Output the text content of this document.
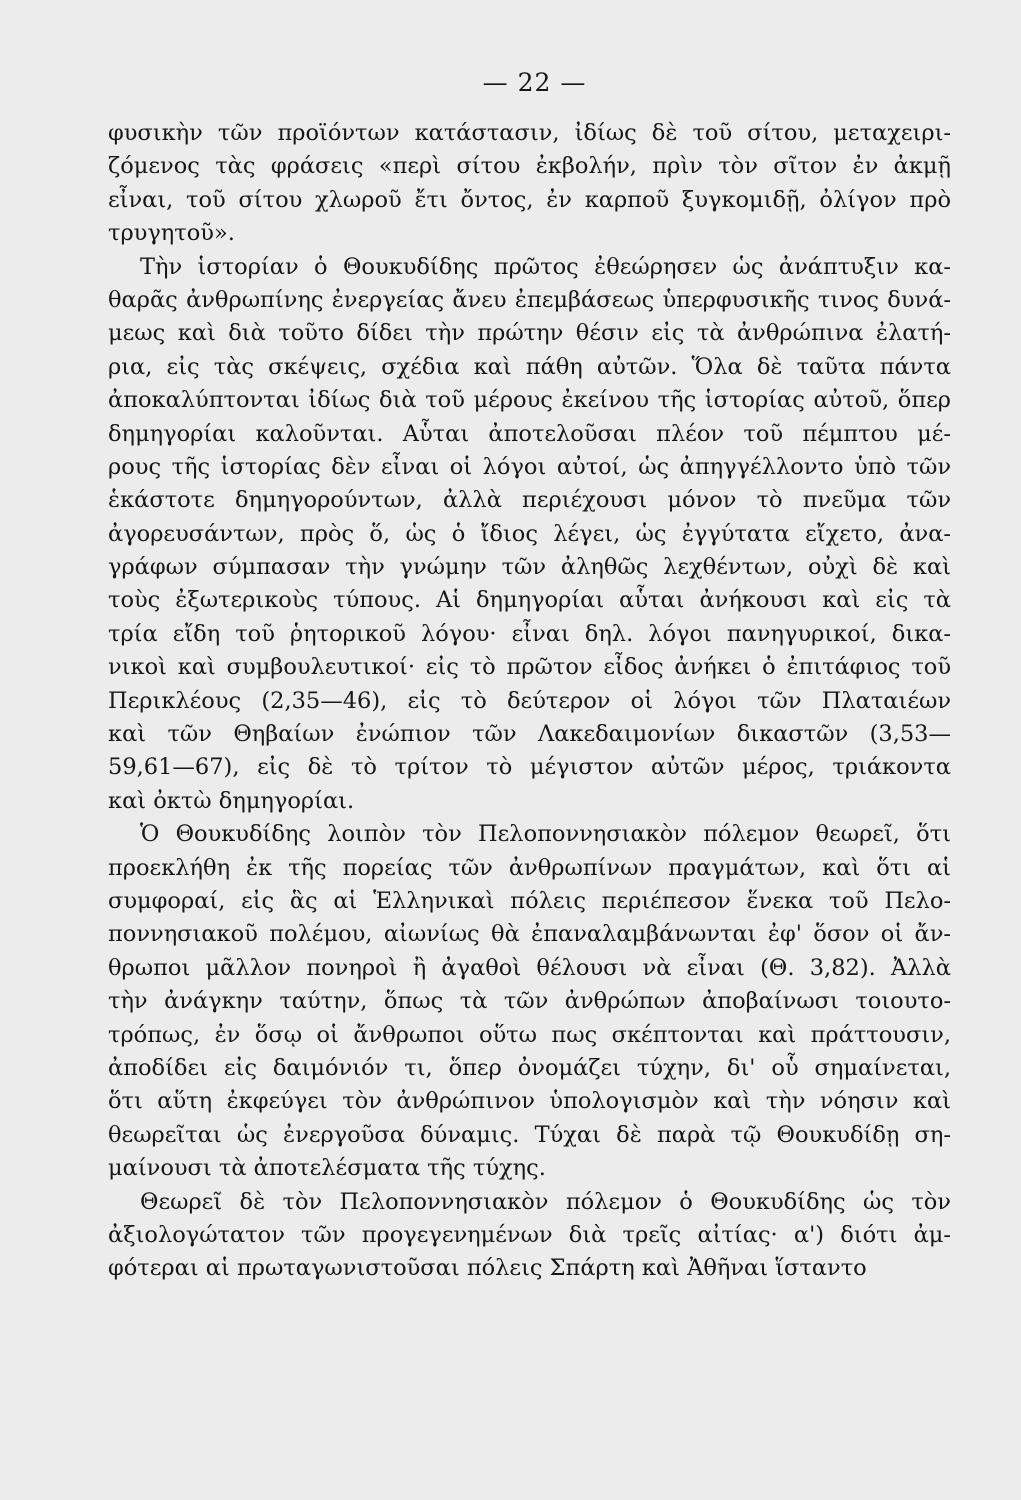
— 22 —
φυσικὴν τῶν προϊόντων κατάστασιν, ἰδίως δὲ τοῦ σίτου, μεταχειρι-
ζόμενος τὰς φράσεις «περὶ σίτου ἐκβολήν, πρὶν τὸν σῖτον ἐν ἀκμῇ
εἶναι, τοῦ σίτου χλωροῦ ἔτι ὄντος, ἐν καρποῦ ξυγκομιδῇ, ὀλίγον πρὸ
τρυγητοῦ».
Τὴν ἱστορίαν ὁ Θουκυδίδης πρῶτος ἐθεώρησεν ὡς ἀνάπτυξιν κα-
θαρᾶς ἀνθρωπίνης ἐνεργείας ἄνευ ἐπεμβάσεως ὑπερφυσικῆς τινος δυνά-
μεως καὶ διὰ τοῦτο δίδει τὴν πρώτην θέσιν εἰς τὰ ἀνθρώπινα ἐλατή-
ρια, εἰς τὰς σκέψεις, σχέδια καὶ πάθη αὐτῶν. Ὅλα δὲ ταῦτα πάντα
ἀποκαλύπτονται ἰδίως διὰ τοῦ μέρους ἐκείνου τῆς ἱστορίας αὐτοῦ, ὅπερ
δημηγορίαι καλοῦνται. Αὗται ἀποτελοῦσαι πλέον τοῦ πέμπτου μέ-
ρους τῆς ἱστορίας δὲν εἶναι οἱ λόγοι αὐτοί, ὡς ἀπηγγέλλοντο ὑπὸ τῶν
ἑκάστοτε δημηγορούντων, ἀλλὰ περιέχουσι μόνον τὸ πνεῦμα τῶν
ἀγορευσάντων, πρὸς ὅ, ὡς ὁ ἴδιος λέγει, ὡς ἐγγύτατα εἴχετο, ἀνα-
γράφων σύμπασαν τὴν γνώμην τῶν ἀληθῶς λεχθέντων, οὐχὶ δὲ καὶ
τοὺς ἐξωτερικοὺς τύπους. Αἱ δημηγορίαι αὗται ἀνήκουσι καὶ εἰς τὰ
τρία εἴδη τοῦ ῥητορικοῦ λόγου· εἶναι δηλ. λόγοι πανηγυρικοί, δικα-
νικοὶ καὶ συμβουλευτικοί· εἰς τὸ πρῶτον εἶδος ἀνήκει ὁ ἐπιτάφιος τοῦ
Περικλέους (2,35—46), εἰς τὸ δεύτερον οἱ λόγοι τῶν Πλαταιέων
καὶ τῶν Θηβαίων ἐνώπιον τῶν Λακεδαιμονίων δικαστῶν (3,53—
59,61—67), εἰς δὲ τὸ τρίτον τὸ μέγιστον αὐτῶν μέρος, τριάκοντα
καὶ ὀκτὼ δημηγορίαι.
Ὁ Θουκυδίδης λοιπὸν τὸν Πελοποννησιακὸν πόλεμον θεωρεῖ, ὅτι
προεκλήθη ἐκ τῆς πορείας τῶν ἀνθρωπίνων πραγμάτων, καὶ ὅτι αἱ
συμφοραί, εἰς ἃς αἱ Ἑλληνικαὶ πόλεις περιέπεσον ἕνεκα τοῦ Πελο-
ποννησιακοῦ πολέμου, αἰωνίως θὰ ἐπαναλαμβάνωνται ἐφ' ὅσον οἱ ἄν-
θρωποι μᾶλλον πονηροὶ ἢ ἀγαθοὶ θέλουσι νὰ εἶναι (Θ. 3,82). Ἀλλὰ
τὴν ἀνάγκην ταύτην, ὅπως τὰ τῶν ἀνθρώπων ἀποβαίνωσι τοιουτο-
τρόπως, ἐν ὅσῳ οἱ ἄνθρωποι οὕτω πως σκέπτονται καὶ πράττουσιν,
ἀποδίδει εἰς δαιμόνιόν τι, ὅπερ ὀνομάζει τύχην, δι' οὗ σημαίνεται,
ὅτι αὕτη ἐκφεύγει τὸν ἀνθρώπινον ὑπολογισμὸν καὶ τὴν νόησιν καὶ
θεωρεῖται ὡς ἐνεργοῦσα δύναμις. Τύχαι δὲ παρὰ τῷ Θουκυδίδῃ ση-
μαίνουσι τὰ ἀποτελέσματα τῆς τύχης.
Θεωρεῖ δὲ τὸν Πελοποννησιακὸν πόλεμον ὁ Θουκυδίδης ὡς τὸν
ἀξιολογώτατον τῶν προγεγενημένων διὰ τρεῖς αἰτίας· α') διότι ἀμ-
φότεραι αἱ πρωταγωνιστοῦσαι πόλεις Σπάρτη καὶ Ἀθῆναι ἵσταντο
